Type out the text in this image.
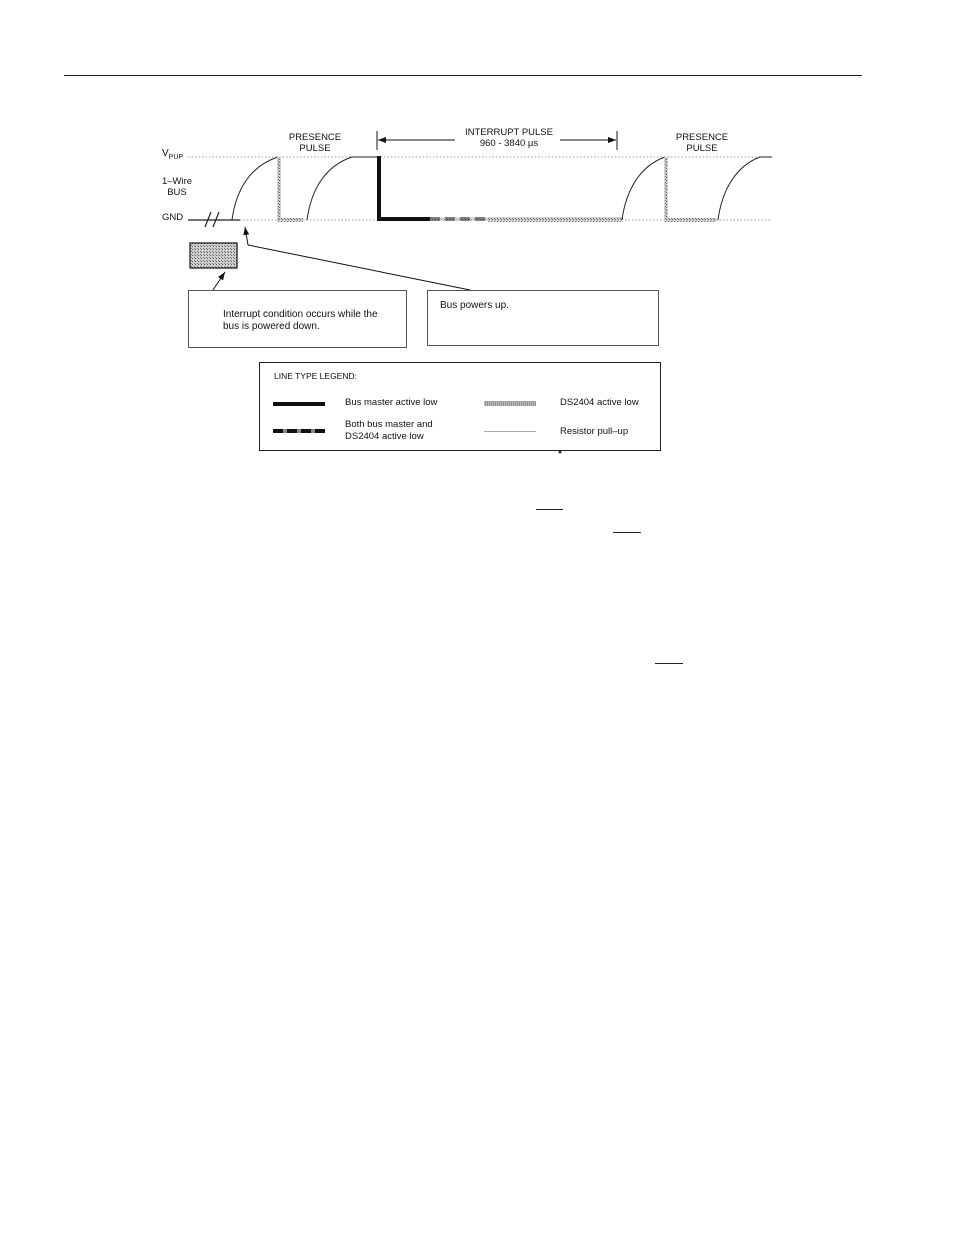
$V_{PUP}$
1–Wire
BUS
GND
PRESENCE
PULSE
INTERRUPT PULSE
960 - 3840 µs
PRESENCE
PULSE
Interrupt condition occurs while the
bus is powered down.
Bus powers up.
LINE TYPE LEGEND:
Bus master active low	DS2404 active low
Both bus master and
DS2404 active low	Resistor pull–up
